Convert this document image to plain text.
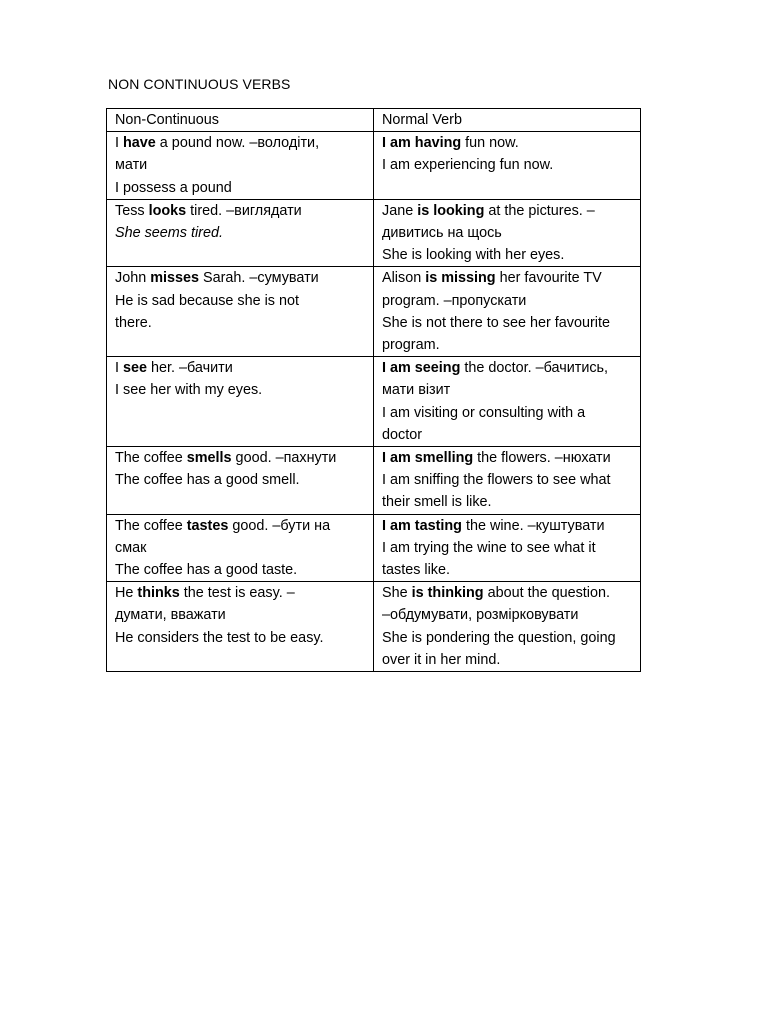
NON CONTINUOUS VERBS
Non-Continuous	Normal Verb

I have a pound now. –володіти,
мати
I possess a pound	I am having fun now.
I am experiencing fun now.

Tess looks tired. –виглядати
She seems tired.	Jane is looking at the pictures. –
дивитись на щось
She is looking with her eyes.

John misses Sarah. –сумувати
He is sad because she is not
there.	Alison is missing her favourite TV
program. –пропускати
She is not there to see her favourite
program.

I see her. –бачити
I see her with my eyes.	I am seeing the doctor. –бачитись,
мати візит
I am visiting or consulting with a
doctor

The coffee smells good. –пахнути
The coffee has a good smell.	I am smelling the flowers. –нюхати
I am sniffing the flowers to see what
their smell is like.

The coffee tastes good. –бути на
смак
The coffee has a good taste.	I am tasting the wine. –куштувати
I am trying the wine to see what it
tastes like.

He thinks the test is easy. –
думати, вважати
He considers the test to be easy.	She is thinking about the question.
–обдумувати, розмірковувати
She is pondering the question, going
over it in her mind.
